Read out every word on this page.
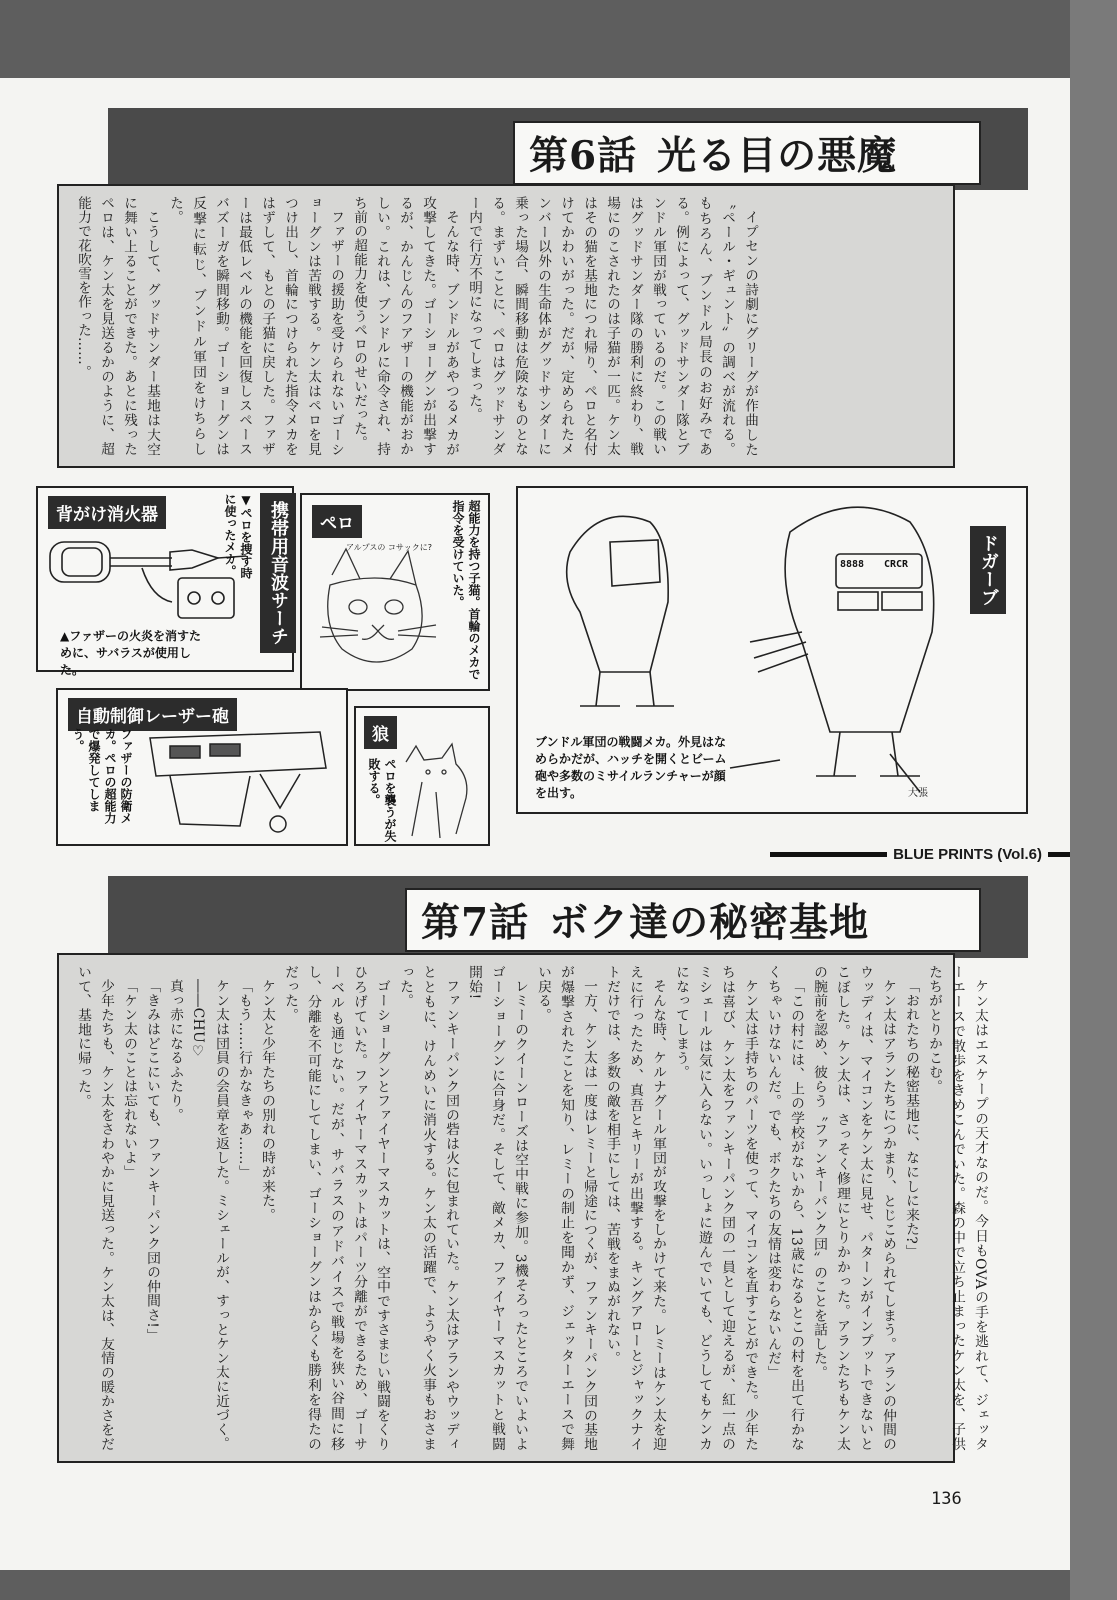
第6話 光る目の悪魔

イプセンの詩劇にグリーグが作曲した〝ペール・ギュント〟の調べが流れる。もちろん、ブンドル局長のお好みである。例によって、グッドサンダー隊とブンドル軍団が戦っているのだ。この戦いはグッドサンダー隊の勝利に終わり、戦場にのこされたのは子猫が一匹。ケン太はその猫を基地につれ帰り、ペロと名付けてかわいがった。だが、定められたメンバー以外の生命体がグッドサンダーに乗った場合、瞬間移動は危険なものとなる。まずいことに、ペロはグッドサンダー内で行方不明になってしまった。

そんな時、ブンドルがあやつるメカが攻撃してきた。ゴーショーグンが出撃するが、かんじんのフアザーの機能がおかしい。これは、ブンドルに命令され、持ち前の超能力を使うペロのせいだった。

ファザーの援助を受けられないゴーショーグンは苦戦する。ケン太はペロを見つけ出し、首輪につけられた指令メカをはずして、もとの子猫に戻した。ファザーは最低レベルの機能を回復しスペースバズーガを瞬間移動。ゴーショーグンは反撃に転じ、ブンドル軍団をけちらした。

こうして、グッドサンダー基地は大空に舞い上ることができた。あとに残ったペロは、ケン太を見送るかのように、超能力で花吹雪を作った……。

背がけ消火器
▲ファザーの火炎を消すために、サバラスが使用した。
携帯用音波サーチ
▼ペロを捜す時に使ったメカ。	ペロ	超能力を持つ子猫。首輪のメカで指令を受けていた。
アルプスの コサックに?	ドガーブ
8888 CRCR
大張
ブンドル軍団の戦闘メカ。外見はなめらかだが、ハッチを開くとビーム砲や多数のミサイルランチャーが顔を出す。
自動制御レーザー砲
ファザーの防衛メカ。ペロの超能力で爆発してしまう。	狼
ペロを襲うが失敗する。
BLUE PRINTS (Vol.6)
第7話 ボク達の秘密基地

ケン太はエスケープの天才なのだ。今日もOVAの手を逃れて、ジェッターエースで散歩をきめこんでいた。森の中で立ち止まったケン太を、子供たちがとりかこむ。

「おれたちの秘密基地に、なにしに来た?」

ケン太はアランたちにつかまり、とじこめられてしまう。アランの仲間のウッディは、マイコンをケン太に見せ、パターンがインプットできないとこぼした。ケン太は、さっそく修理にとりかかった。アランたちもケン太の腕前を認め、彼らう〝ファンキーパンク団〟のことを話した。

「この村には、上の学校がないから、13歳になるとこの村を出て行かなくちゃいけないんだ。でも、ボクたちの友情は変わらないんだ」

ケン太は手持ちのパーツを使って、マイコンを直すことができた。少年たちは喜び、ケン太をファンキーパンク団の一員として迎えるが、紅一点のミシェールは気に入らない。いっしょに遊んでいても、どうしてもケンカになってしまう。

そんな時、ケルナグール軍団が攻撃をしかけて来た。レミーはケン太を迎えに行ったため、真吾とキリーが出撃する。キングアローとジャックナイトだけでは、多数の敵を相手にしては、苦戦をまぬがれない。

一方、ケン太は一度はレミーと帰途につくが、ファンキーパンク団の基地が爆撃されたことを知り、レミーの制止を聞かず、ジェッターエースで舞い戻る。

レミーのクイーンローズは空中戦に参加。3機そろったところでいよいよゴーショーグンに合身だ。そして、敵メカ、ファイヤーマスカットと戦闘開始!

ファンキーパンク団の砦は火に包まれていた。ケン太はアランやウッディとともに、けんめいに消火する。ケン太の活躍で、ようやく火事もおさまった。

ゴーショーグンとファイヤーマスカットは、空中ですさまじい戦闘をくりひろげていた。ファイヤーマスカットはパーツ分離ができるため、ゴーサーベルも通じない。だが、サバラスのアドバイスで戦場を狭い谷間に移し、分離を不可能にしてしまい、ゴーショーグンはからくも勝利を得たのだった。

ケン太と少年たちの別れの時が来た。

「もう……行かなきゃあ……」

ケン太は団員の会員章を返した。ミシェールが、すっとケン太に近づく。

――CHU♡

真っ赤になるふたり。

「きみはどこにいても、ファンキーパンク団の仲間さ!」

「ケン太のことは忘れないよ」

少年たちも、ケン太をさわやかに見送った。ケン太は、友情の暖かさをだいて、基地に帰った。

136
